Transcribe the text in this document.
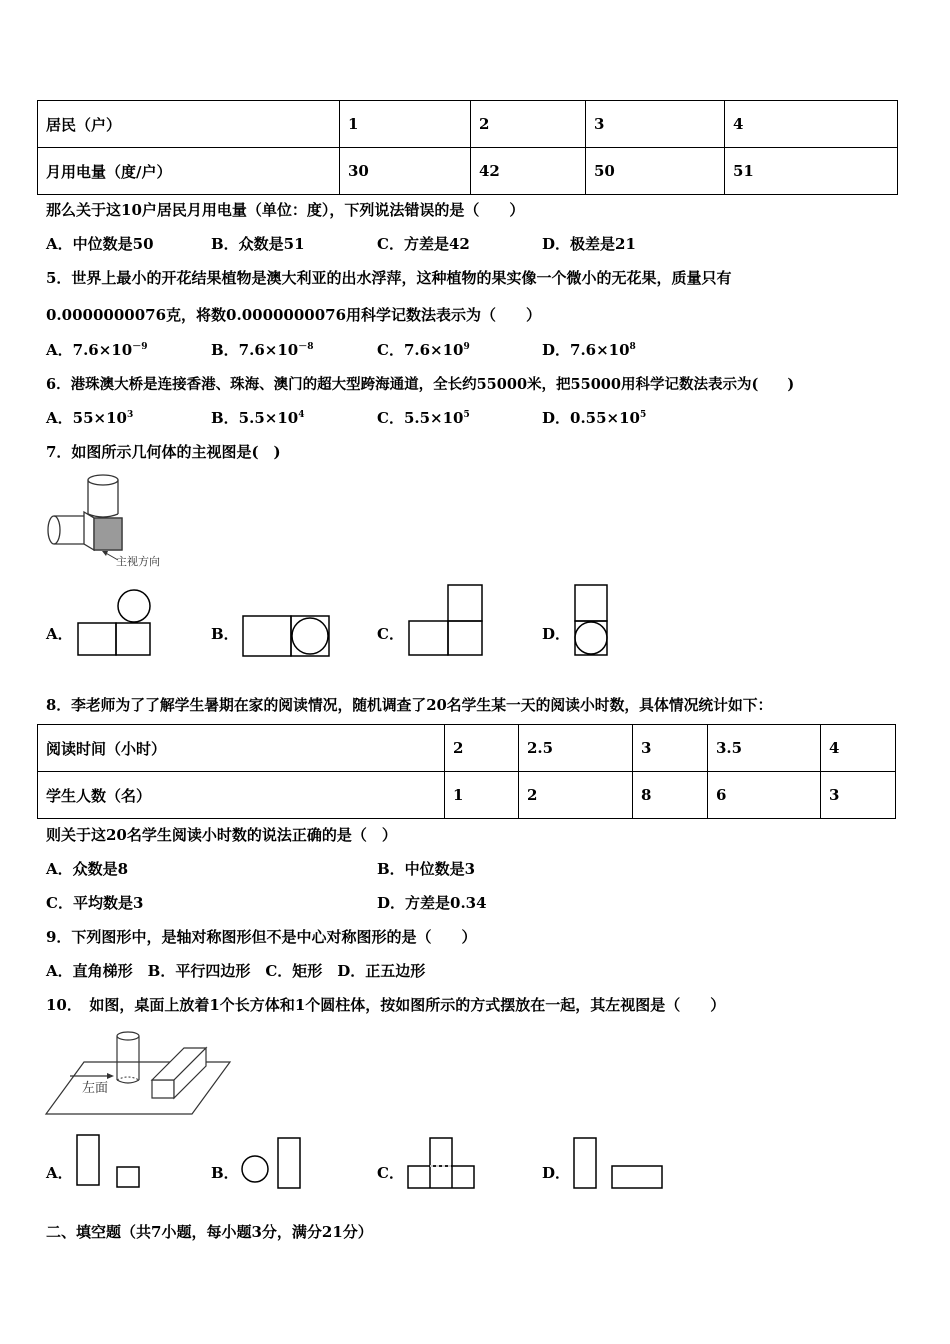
居民（户）	1	2	3	4
月用电量（度/户）	30	42	50	51
那么关于这10户居民月用电量（单位：度），下列说法错误的是（　　）
A．中位数是50	B．众数是51	C．方差是42	D．极差是21
5．世界上最小的开花结果植物是澳大利亚的出水浮萍，这种植物的果实像一个微小的无花果，质量只有
0.0000000076克，将数0.0000000076用科学记数法表示为（　　）
A．$7.6\times 10^{-9}$	B．$7.6\times 10^{-8}$	C．$7.6\times 10^9$	D．$7.6\times 10^8$
6．港珠澳大桥是连接香港、珠海、澳门的超大型跨海通道，全长约55000米，把55000用科学记数法表示为(　　)
A．$55\times 10^3$	B．$5.5\times 10^4$	C．$5.5\times 10^5$	D．$0.55\times 10^5$
7．如图所示几何体的主视图是(　)
主视方向
A．	B．	C．	D．
8．李老师为了了解学生暑期在家的阅读情况，随机调查了20名学生某一天的阅读小时数，具体情况统计如下：
阅读时间（小时）	2	2.5	3	3.5	4
学生人数（名）	1	2	8	6	3
则关于这20名学生阅读小时数的说法正确的是（　）
A．众数是8	B．中位数是3
C．平均数是3	D．方差是0.34
9．下列图形中，是轴对称图形但不是中心对称图形的是（　　）
A．直角梯形　B．平行四边形　C．矩形　D．正五边形
10．　如图，桌面上放着1个长方体和1个圆柱体，按如图所示的方式摆放在一起，其左视图是（　　）
左面
A．	B．	C．	D．
二、填空题（共7小题，每小题3分，满分21分）
